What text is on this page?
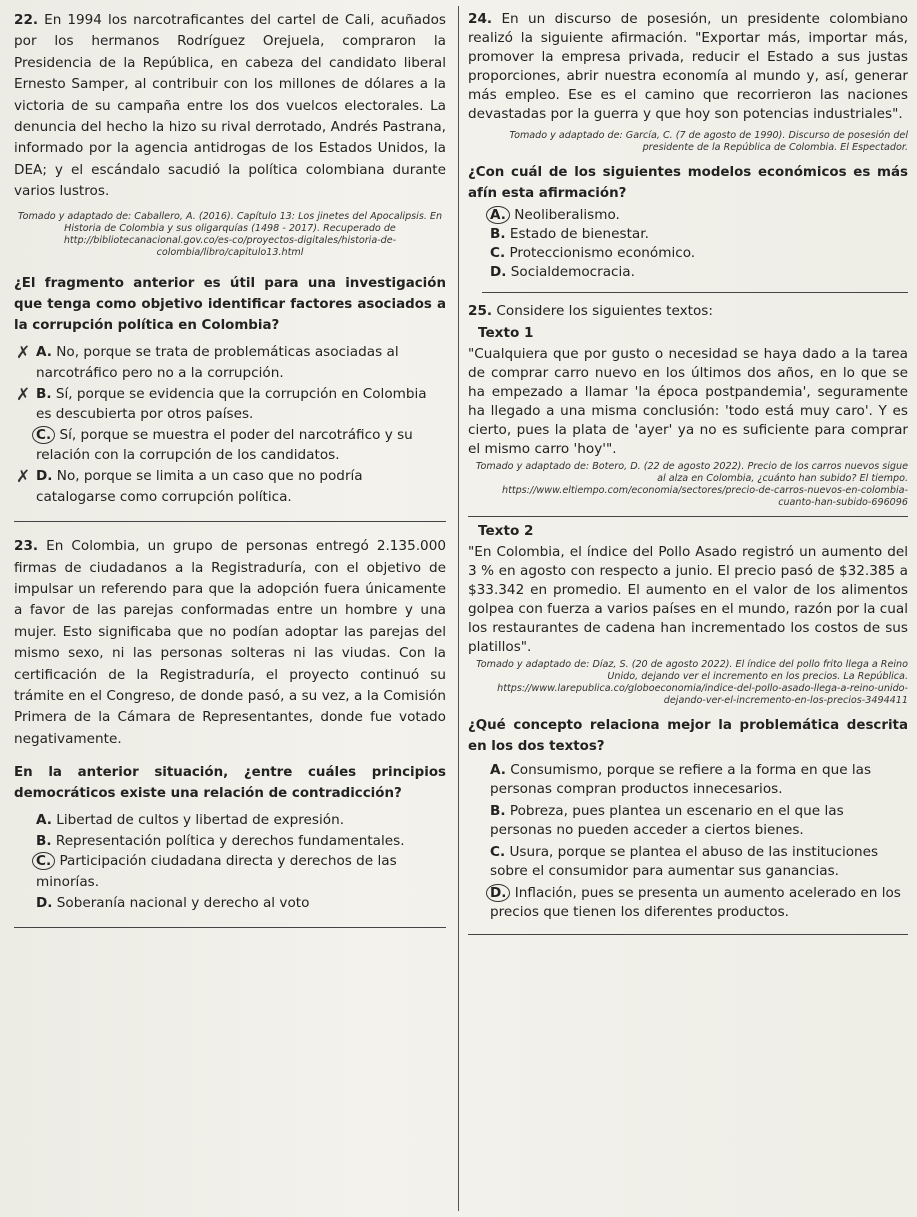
22. En 1994 los narcotraficantes del cartel de Cali, acuñados por los hermanos Rodríguez Orejuela, compraron la Presidencia de la República, en cabeza del candidato liberal Ernesto Samper, al contribuir con los millones de dólares a la victoria de su campaña entre los dos vuelcos electorales. La denuncia del hecho la hizo su rival derrotado, Andrés Pastrana, informado por la agencia antidrogas de los Estados Unidos, la DEA; y el escándalo sacudió la política colombiana durante varios lustros.

Tomado y adaptado de: Caballero, A. (2016). Capítulo 13: Los jinetes del Apocalipsis. En Historia de Colombia y sus oligarquías (1498 - 2017). Recuperado de http://bibliotecanacional.gov.co/es-co/proyectos-digitales/historia-de-colombia/libro/capitulo13.html

¿El fragmento anterior es útil para una investigación que tenga como objetivo identificar factores asociados a la corrupción política en Colombia?

✗ A. No, porque se trata de problemáticas asociadas al narcotráfico pero no a la corrupción.
✗ B. Sí, porque se evidencia que la corrupción en Colombia es descubierta por otros países.
C. Sí, porque se muestra el poder del narcotráfico y su relación con la corrupción de los candidatos.
✗ D. No, porque se limita a un caso que no podría catalogarse como corrupción política.

23. En Colombia, un grupo de personas entregó 2.135.000 firmas de ciudadanos a la Registraduría, con el objetivo de impulsar un referendo para que la adopción fuera únicamente a favor de las parejas conformadas entre un hombre y una mujer. Esto significaba que no podían adoptar las parejas del mismo sexo, ni las personas solteras ni las viudas. Con la certificación de la Registraduría, el proyecto continuó su trámite en el Congreso, de donde pasó, a su vez, a la Comisión Primera de la Cámara de Representantes, donde fue votado negativamente.

En la anterior situación, ¿entre cuáles principios democráticos existe una relación de contradicción?

A. Libertad de cultos y libertad de expresión.
B. Representación política y derechos fundamentales.
C. Participación ciudadana directa y derechos de las minorías.
D. Soberanía nacional y derecho al voto

24. En un discurso de posesión, un presidente colombiano realizó la siguiente afirmación. "Exportar más, importar más, promover la empresa privada, reducir el Estado a sus justas proporciones, abrir nuestra economía al mundo y, así, generar más empleo. Ese es el camino que recorrieron las naciones devastadas por la guerra y que hoy son potencias industriales".

Tomado y adaptado de: García, C. (7 de agosto de 1990). Discurso de posesión del presidente de la República de Colombia. El Espectador.

¿Con cuál de los siguientes modelos económicos es más afín esta afirmación?

A. Neoliberalismo.
B. Estado de bienestar.
C. Proteccionismo económico.
D. Socialdemocracia.

25. Considere los siguientes textos:

Texto 1

"Cualquiera que por gusto o necesidad se haya dado a la tarea de comprar carro nuevo en los últimos dos años, en lo que se ha empezado a llamar 'la época postpandemia', seguramente ha llegado a una misma conclusión: 'todo está muy caro'. Y es cierto, pues la plata de 'ayer' ya no es suficiente para comprar el mismo carro 'hoy'".

Tomado y adaptado de: Botero, D. (22 de agosto 2022). Precio de los carros nuevos sigue al alza en Colombia, ¿cuánto han subido? El tiempo. https://www.eltiempo.com/economia/sectores/precio-de-carros-nuevos-en-colombia-cuanto-han-subido-696096

Texto 2

"En Colombia, el índice del Pollo Asado registró un aumento del 3 % en agosto con respecto a junio. El precio pasó de $32.385 a $33.342 en promedio. El aumento en el valor de los alimentos golpea con fuerza a varios países en el mundo, razón por la cual los restaurantes de cadena han incrementado los costos de sus platillos".

Tomado y adaptado de: Díaz, S. (20 de agosto 2022). El índice del pollo frito llega a Reino Unido, dejando ver el incremento en los precios. La República. https://www.larepublica.co/globoeconomia/indice-del-pollo-asado-llega-a-reino-unido-dejando-ver-el-incremento-en-los-precios-3494411

¿Qué concepto relaciona mejor la problemática descrita en los dos textos?

A. Consumismo, porque se refiere a la forma en que las personas compran productos innecesarios.
B. Pobreza, pues plantea un escenario en el que las personas no pueden acceder a ciertos bienes.
C. Usura, porque se plantea el abuso de las instituciones sobre el consumidor para aumentar sus ganancias.
D. Inflación, pues se presenta un aumento acelerado en los precios que tienen los diferentes productos.
